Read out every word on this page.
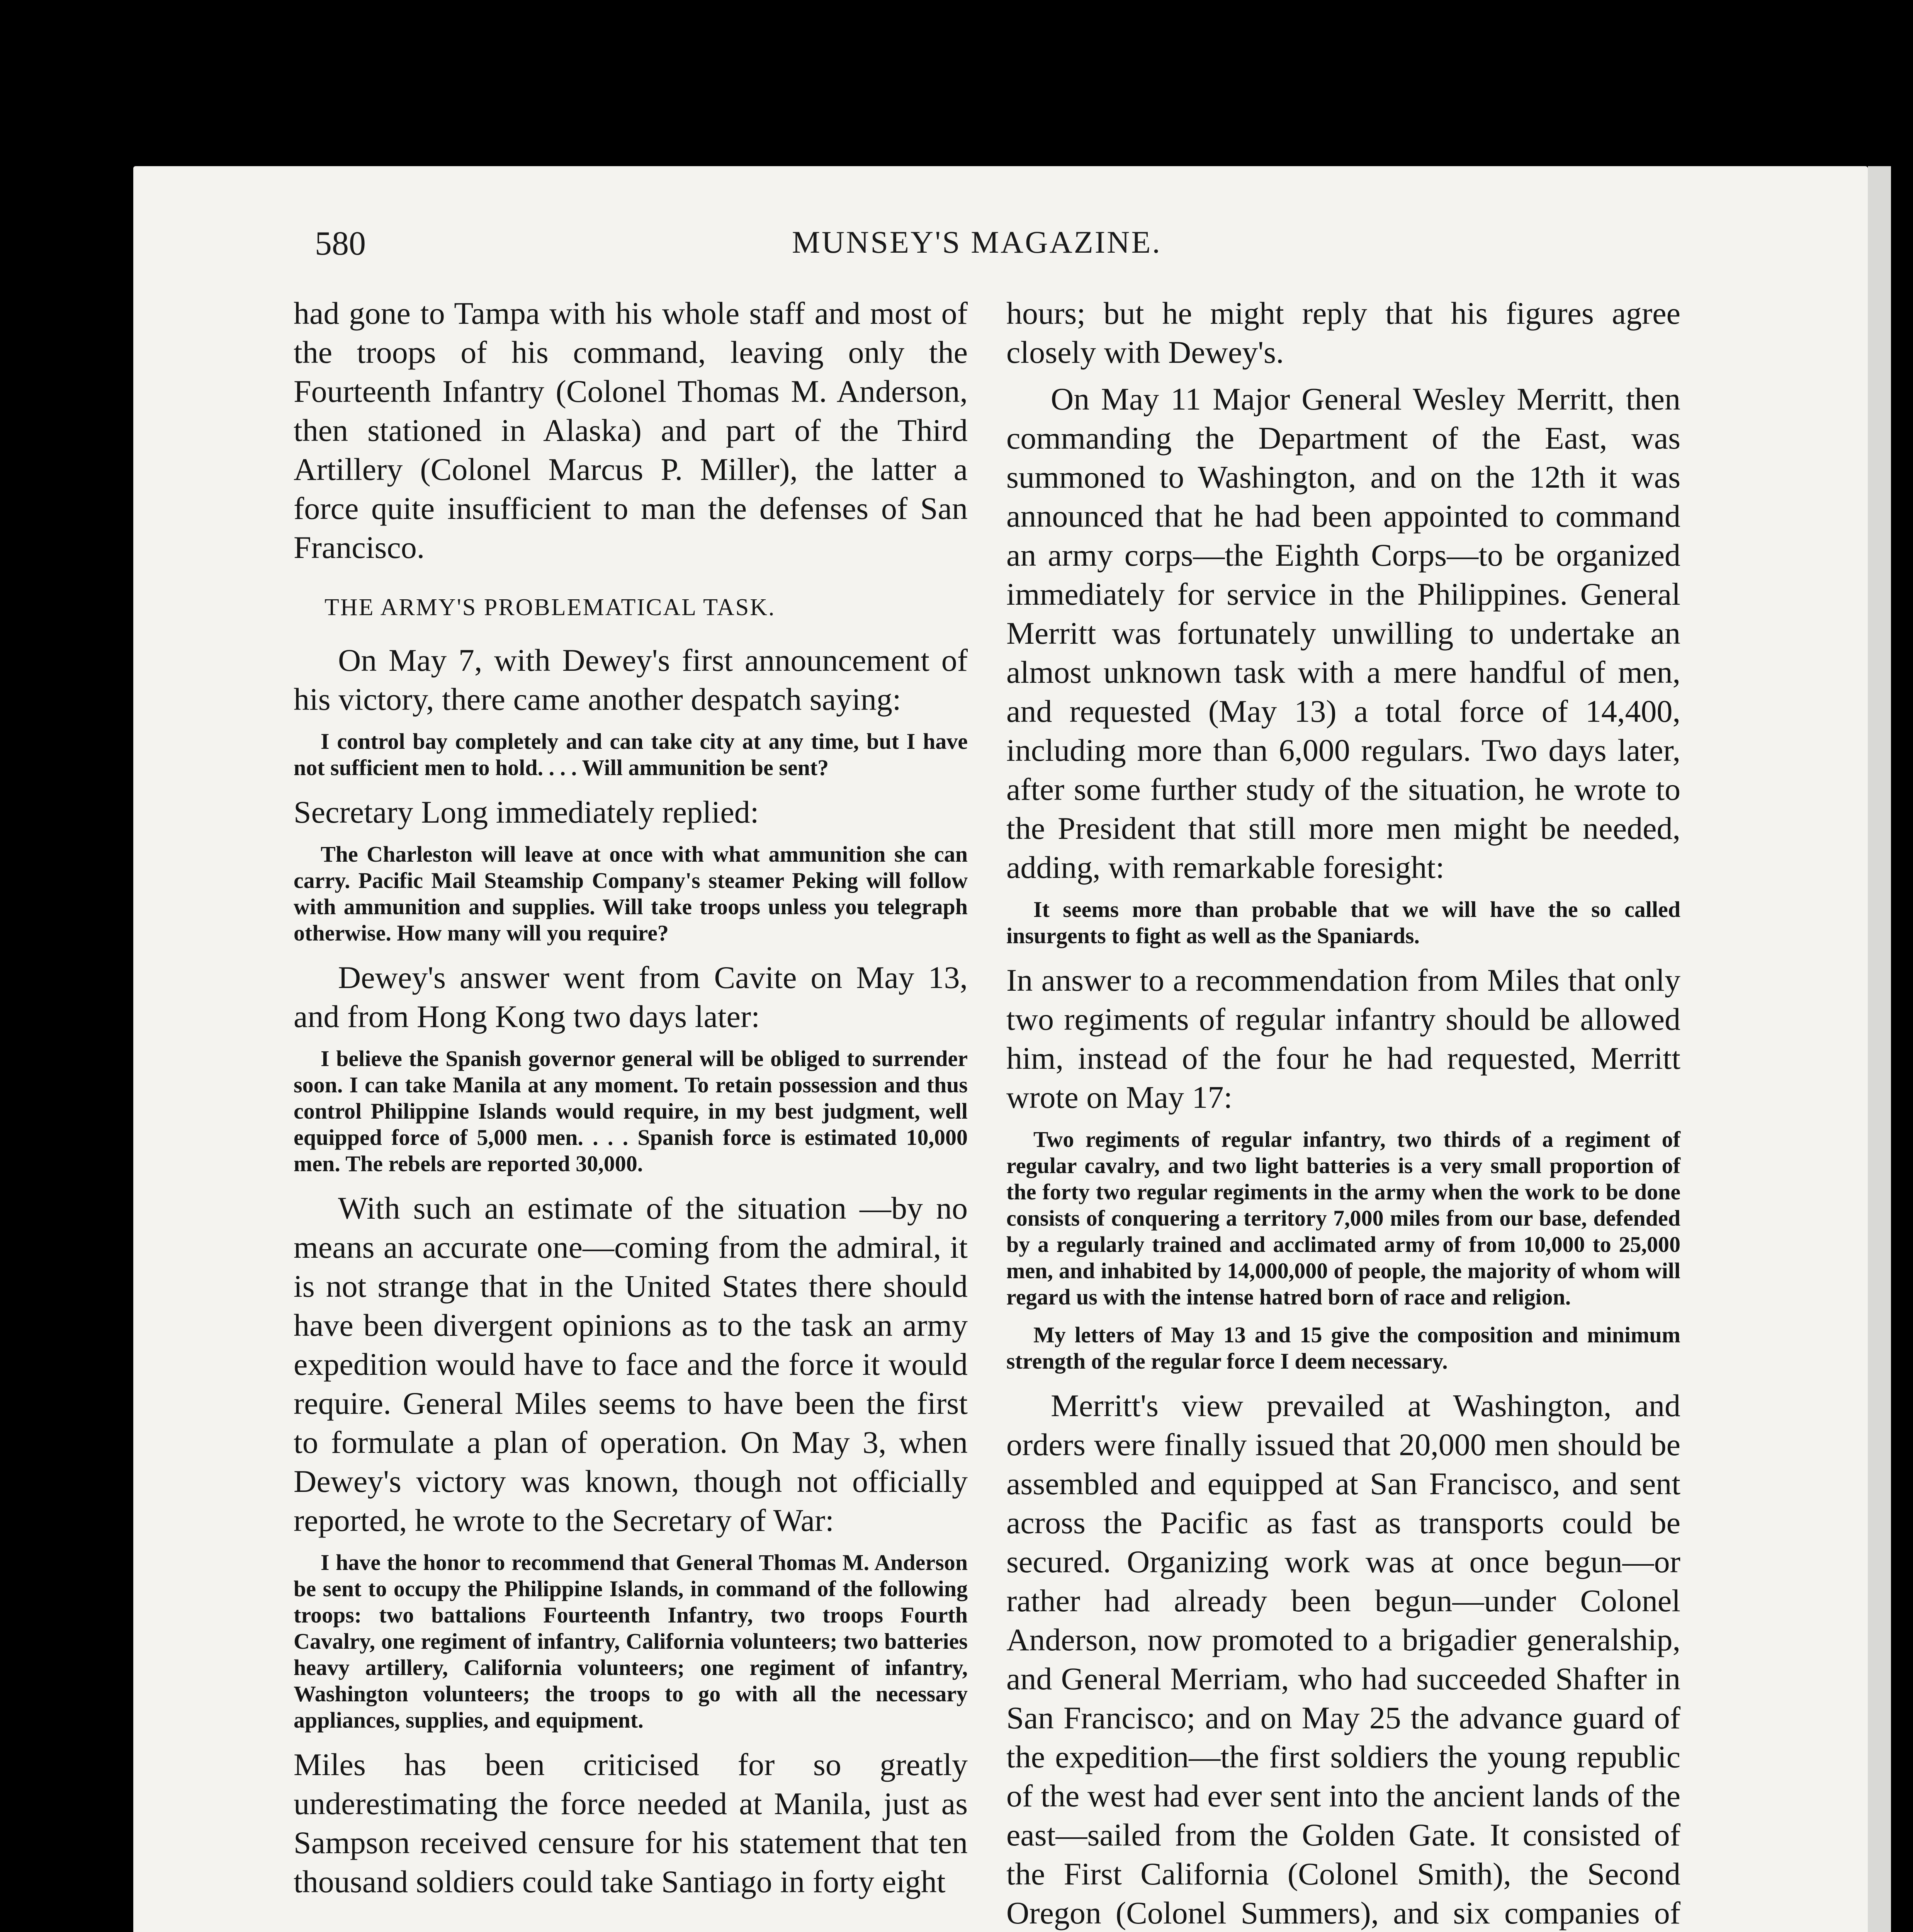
580	MUNSEY'S MAGAZINE.

had gone to Tampa with his whole staff and most of the troops of his command, leaving only the Fourteenth Infantry (Colonel Thomas M. Anderson, then stationed in Alaska) and part of the Third Artillery (Colonel Marcus P. Miller), the latter a force quite insufficient to man the defenses of San Francisco.

THE ARMY'S PROBLEMATICAL TASK.

On May 7, with Dewey's first announcement of his victory, there came another despatch saying:

I control bay completely and can take city at any time, but I have not sufficient men to hold. . . . Will ammunition be sent?

Secretary Long immediately replied:

The Charleston will leave at once with what ammunition she can carry. Pacific Mail Steamship Company's steamer Peking will follow with ammunition and supplies. Will take troops unless you telegraph otherwise. How many will you require?

Dewey's answer went from Cavite on May 13, and from Hong Kong two days later:

I believe the Spanish governor general will be obliged to surrender soon. I can take Manila at any moment. To retain possession and thus control Philippine Islands would require, in my best judgment, well equipped force of 5,000 men. . . . Spanish force is estimated 10,000 men. The rebels are reported 30,000.

With such an estimate of the situation —by no means an accurate one—coming from the admiral, it is not strange that in the United States there should have been divergent opinions as to the task an army expedition would have to face and the force it would require. General Miles seems to have been the first to formulate a plan of operation. On May 3, when Dewey's victory was known, though not officially reported, he wrote to the Secretary of War:

I have the honor to recommend that General Thomas M. Anderson be sent to occupy the Philippine Islands, in command of the following troops: two battalions Fourteenth Infantry, two troops Fourth Cavalry, one regiment of infantry, California volunteers; two batteries heavy artillery, California volunteers; one regiment of infantry, Washington volunteers; the troops to go with all the necessary appliances, supplies, and equipment.

Miles has been criticised for so greatly underestimating the force needed at Manila, just as Sampson received censure for his statement that ten thousand soldiers could take Santiago in forty eight

hours; but he might reply that his figures agree closely with Dewey's.

On May 11 Major General Wesley Merritt, then commanding the Department of the East, was summoned to Washington, and on the 12th it was announced that he had been appointed to command an army corps—the Eighth Corps—to be organized immediately for service in the Philippines. General Merritt was fortunately unwilling to undertake an almost unknown task with a mere handful of men, and requested (May 13) a total force of 14,400, including more than 6,000 regulars. Two days later, after some further study of the situation, he wrote to the President that still more men might be needed, adding, with remarkable foresight:

It seems more than probable that we will have the so called insurgents to fight as well as the Spaniards.

In answer to a recommendation from Miles that only two regiments of regular infantry should be allowed him, instead of the four he had requested, Merritt wrote on May 17:

Two regiments of regular infantry, two thirds of a regiment of regular cavalry, and two light batteries is a very small proportion of the forty two regular regiments in the army when the work to be done consists of conquering a territory 7,000 miles from our base, defended by a regularly trained and acclimated army of from 10,000 to 25,000 men, and inhabited by 14,000,000 of people, the majority of whom will regard us with the intense hatred born of race and religion.

My letters of May 13 and 15 give the composition and minimum strength of the regular force I deem necessary.

Merritt's view prevailed at Washington, and orders were finally issued that 20,000 men should be assembled and equipped at San Francisco, and sent across the Pacific as fast as transports could be secured. Organizing work was at once begun—or rather had already been begun—under Colonel Anderson, now promoted to a brigadier generalship, and General Merriam, who had succeeded Shafter in San Francisco; and on May 25 the advance guard of the expedition—the first soldiers the young republic of the west had ever sent into the ancient lands of the east—sailed from the Golden Gate. It consisted of the First California (Colonel Smith), the Second Oregon (Colonel Summers), and six companies of
